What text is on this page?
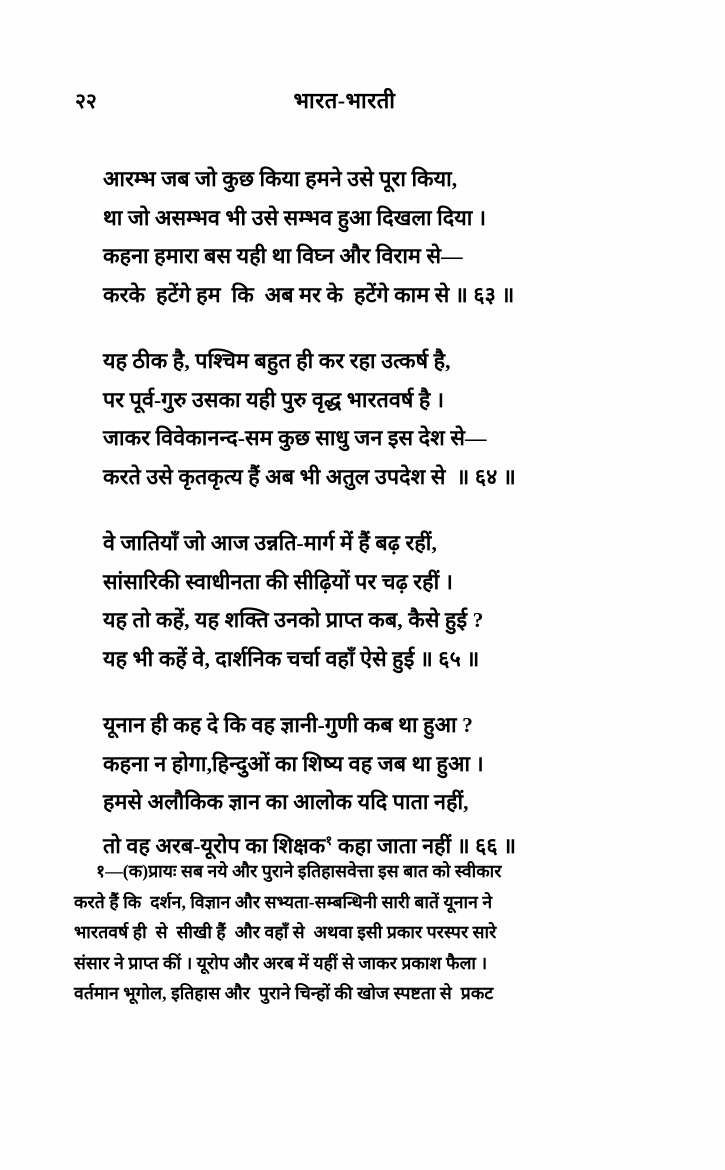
२२	भारत-भारती
आरम्भ जब जो कुछ किया हमने उसे पूरा किया,
था जो असम्भव भी उसे सम्भव हुआ दिखला दिया ।
कहना हमारा बस यही था विघ्न और विराम से—
करके  हटेंगे हम  कि  अब मर के  हटेंगे काम से ॥ ६३ ॥
यह ठीक है, पश्चिम बहुत ही कर रहा उत्कर्ष है,
पर पूर्व-गुरु उसका यही पुरु वृद्ध भारतवर्ष है ।
जाकर विवेकानन्द-सम कुछ साधु जन इस देश से—
करते उसे कृतकृत्य हैं अब भी अतुल उपदेश से  ॥ ६४ ॥
वे जातियाँ जो आज उन्नति-मार्ग में हैं बढ़ रहीं,
सांसारिकी स्वाधीनता की सीढ़ियों पर चढ़ रहीं ।
यह तो कहें, यह शक्ति उनको प्राप्त कब, कैसे हुई ?
यह भी कहें वे, दार्शनिक चर्चा वहाँ ऐसे हुई ॥ ६५ ॥
यूनान ही कह दे कि वह ज्ञानी-गुणी कब था हुआ ?
कहना न होगा,हिन्दुओं का शिष्य वह जब था हुआ ।
हमसे अलौकिक ज्ञान का आलोक यदि पाता नहीं,
तो वह अरब-यूरोप का शिक्षक$^१$ कहा जाता नहीं ॥ ६६ ॥
१—(क)प्रायः सब नये और पुराने इतिहासवेत्ता इस बात को स्वीकार
करते हैं कि  दर्शन, विज्ञान और सभ्यता-सम्बन्धिनी सारी बातें यूनान ने
भारतवर्ष ही  से  सीखी हैं  और वहाँ से  अथवा इसी प्रकार परस्पर सारे
संसार ने प्राप्त कीं । यूरोप और अरब में यहीं से जाकर प्रकाश फैला ।
वर्तमान भूगोल, इतिहास और  पुराने चिन्हों की खोज स्पष्टता से  प्रकट
